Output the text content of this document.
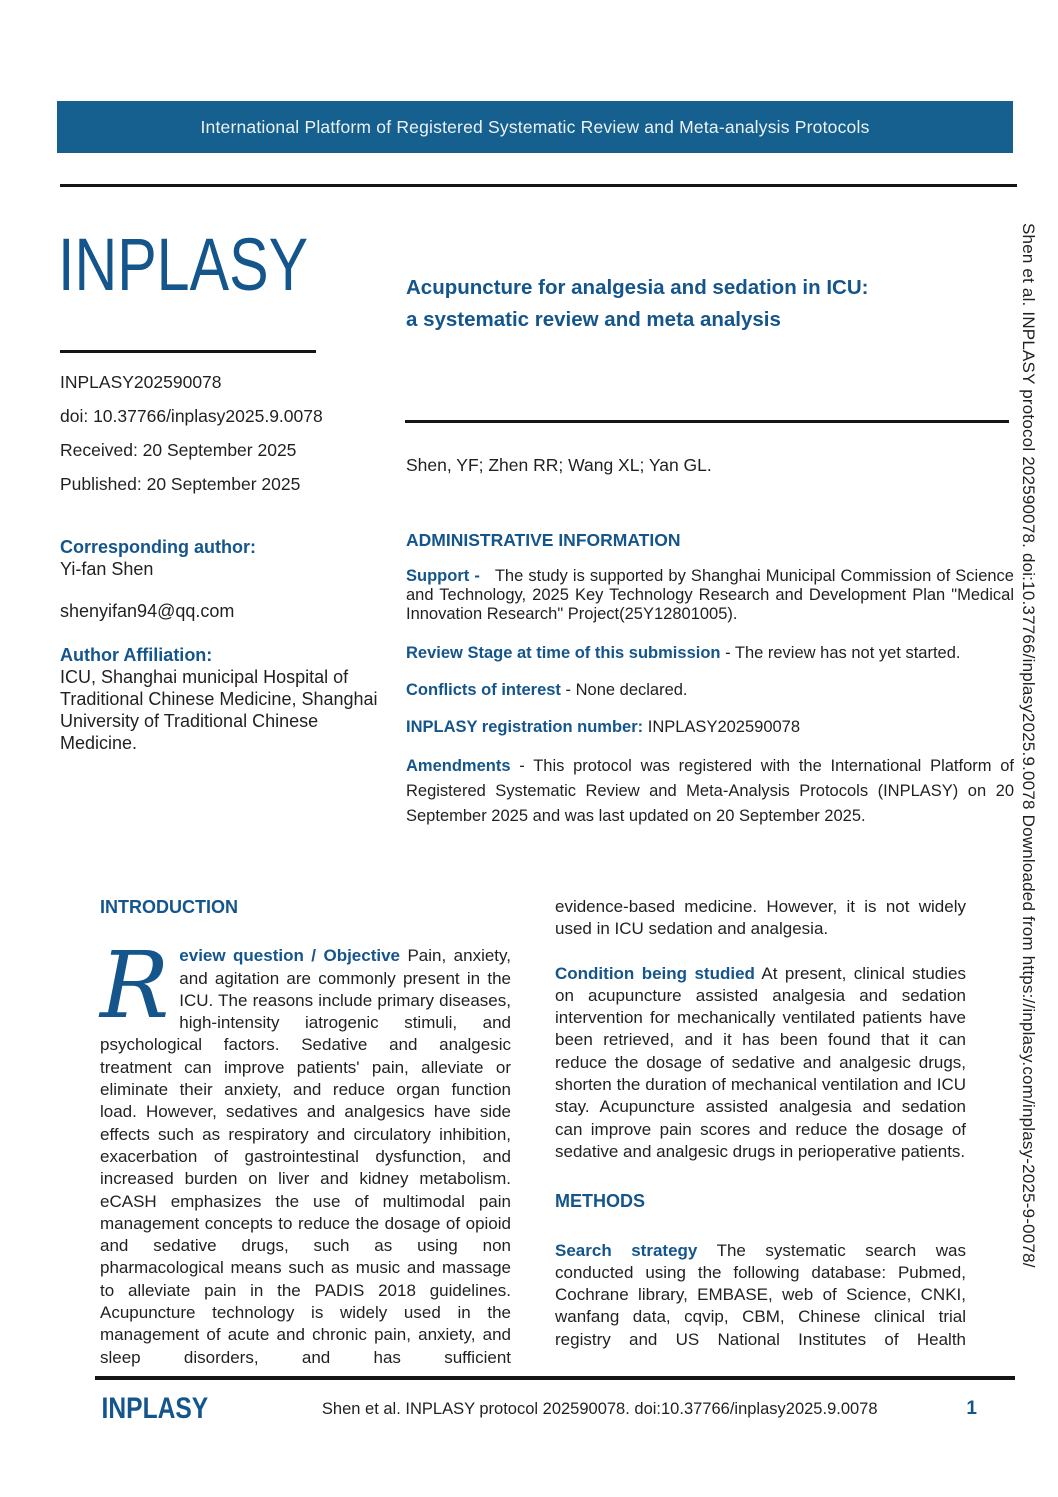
International Platform of Registered Systematic Review and Meta-analysis Protocols
INPLASY
INPLASY202590078
doi: 10.37766/inplasy2025.9.0078
Received: 20 September 2025
Published: 20 September 2025
Acupuncture for analgesia and sedation in ICU:
a systematic review and meta analysis
Shen, YF; Zhen RR; Wang XL; Yan GL.
Corresponding author:
Yi-fan Shen
shenyifan94@qq.com
Author Affiliation:
ICU, Shanghai municipal Hospital of Traditional Chinese Medicine, Shanghai University of Traditional Chinese Medicine.
ADMINISTRATIVE INFORMATION

Support - The study is supported by Shanghai Municipal Commission of Science and Technology, 2025 Key Technology Research and Development Plan "Medical Innovation Research" Project(25Y12801005).

Review Stage at time of this submission - The review has not yet started.

Conflicts of interest - None declared.

INPLASY registration number: INPLASY202590078

Amendments - This protocol was registered with the International Platform of Registered Systematic Review and Meta-Analysis Protocols (INPLASY) on 20 September 2025 and was last updated on 20 September 2025.

INTRODUCTION

Review question / Objective Pain, anxiety, and agitation are commonly present in the ICU. The reasons include primary diseases, high-intensity iatrogenic stimuli, and psychological factors. Sedative and analgesic treatment can improve patients' pain, alleviate or eliminate their anxiety, and reduce organ function load. However, sedatives and analgesics have side effects such as respiratory and circulatory inhibition, exacerbation of gastrointestinal dysfunction, and increased burden on liver and kidney metabolism. eCASH emphasizes the use of multimodal pain management concepts to reduce the dosage of opioid and sedative drugs, such as using non pharmacological means such as music and massage to alleviate pain in the PADIS 2018 guidelines. Acupuncture technology is widely used in the management of acute and chronic pain, anxiety, and sleep disorders, and has sufficient

evidence-based medicine. However, it is not widely used in ICU sedation and analgesia.

Condition being studied At present, clinical studies on acupuncture assisted analgesia and sedation intervention for mechanically ventilated patients have been retrieved, and it has been found that it can reduce the dosage of sedative and analgesic drugs, shorten the duration of mechanical ventilation and ICU stay. Acupuncture assisted analgesia and sedation can improve pain scores and reduce the dosage of sedative and analgesic drugs in perioperative patients.

METHODS

Search strategy The systematic search was conducted using the following database: Pubmed, Cochrane library, EMBASE, web of Science, CNKI, wanfang data, cqvip, CBM, Chinese clinical trial registry and US National Institutes of Health

INPLASY	Shen et al. INPLASY protocol 202590078. doi:10.37766/inplasy2025.9.0078	1
Shen et al. INPLASY protocol 202590078. doi:10.37766/inplasy2025.9.0078 Downloaded from https://inplasy.com/inplasy-2025-9-0078/
